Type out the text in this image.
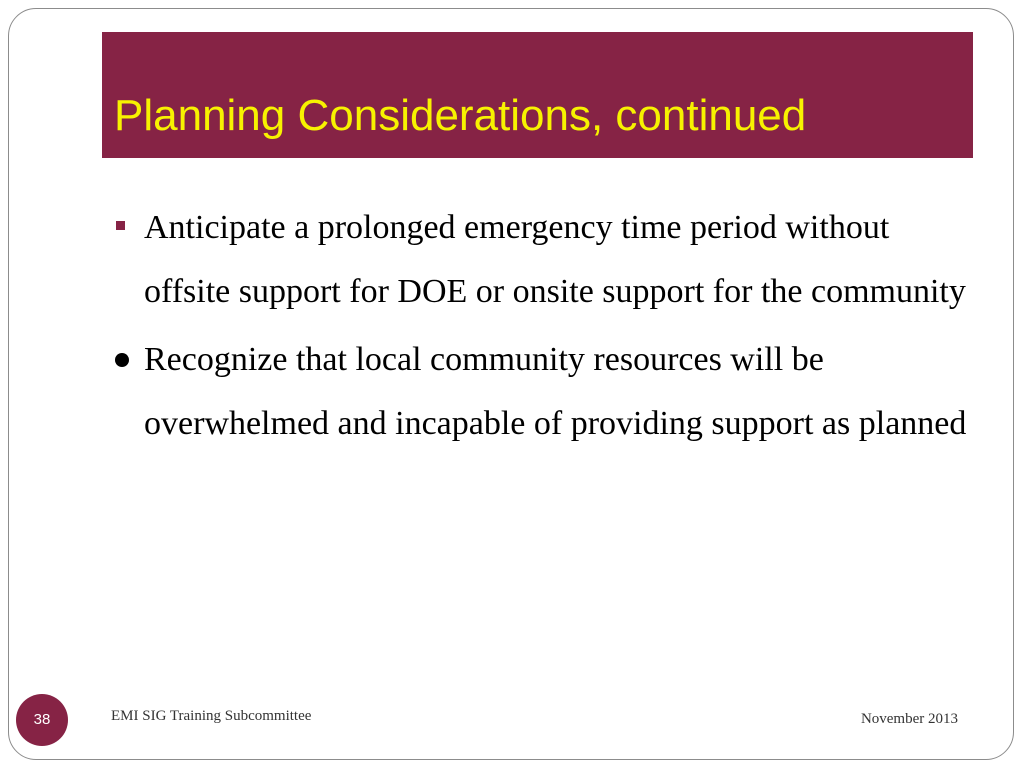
Planning Considerations, continued
Anticipate a prolonged emergency time period without offsite support for DOE or onsite support for the community
Recognize that local community resources will be overwhelmed and incapable of providing support as planned
38	EMI SIG Training Subcommittee	November 2013
